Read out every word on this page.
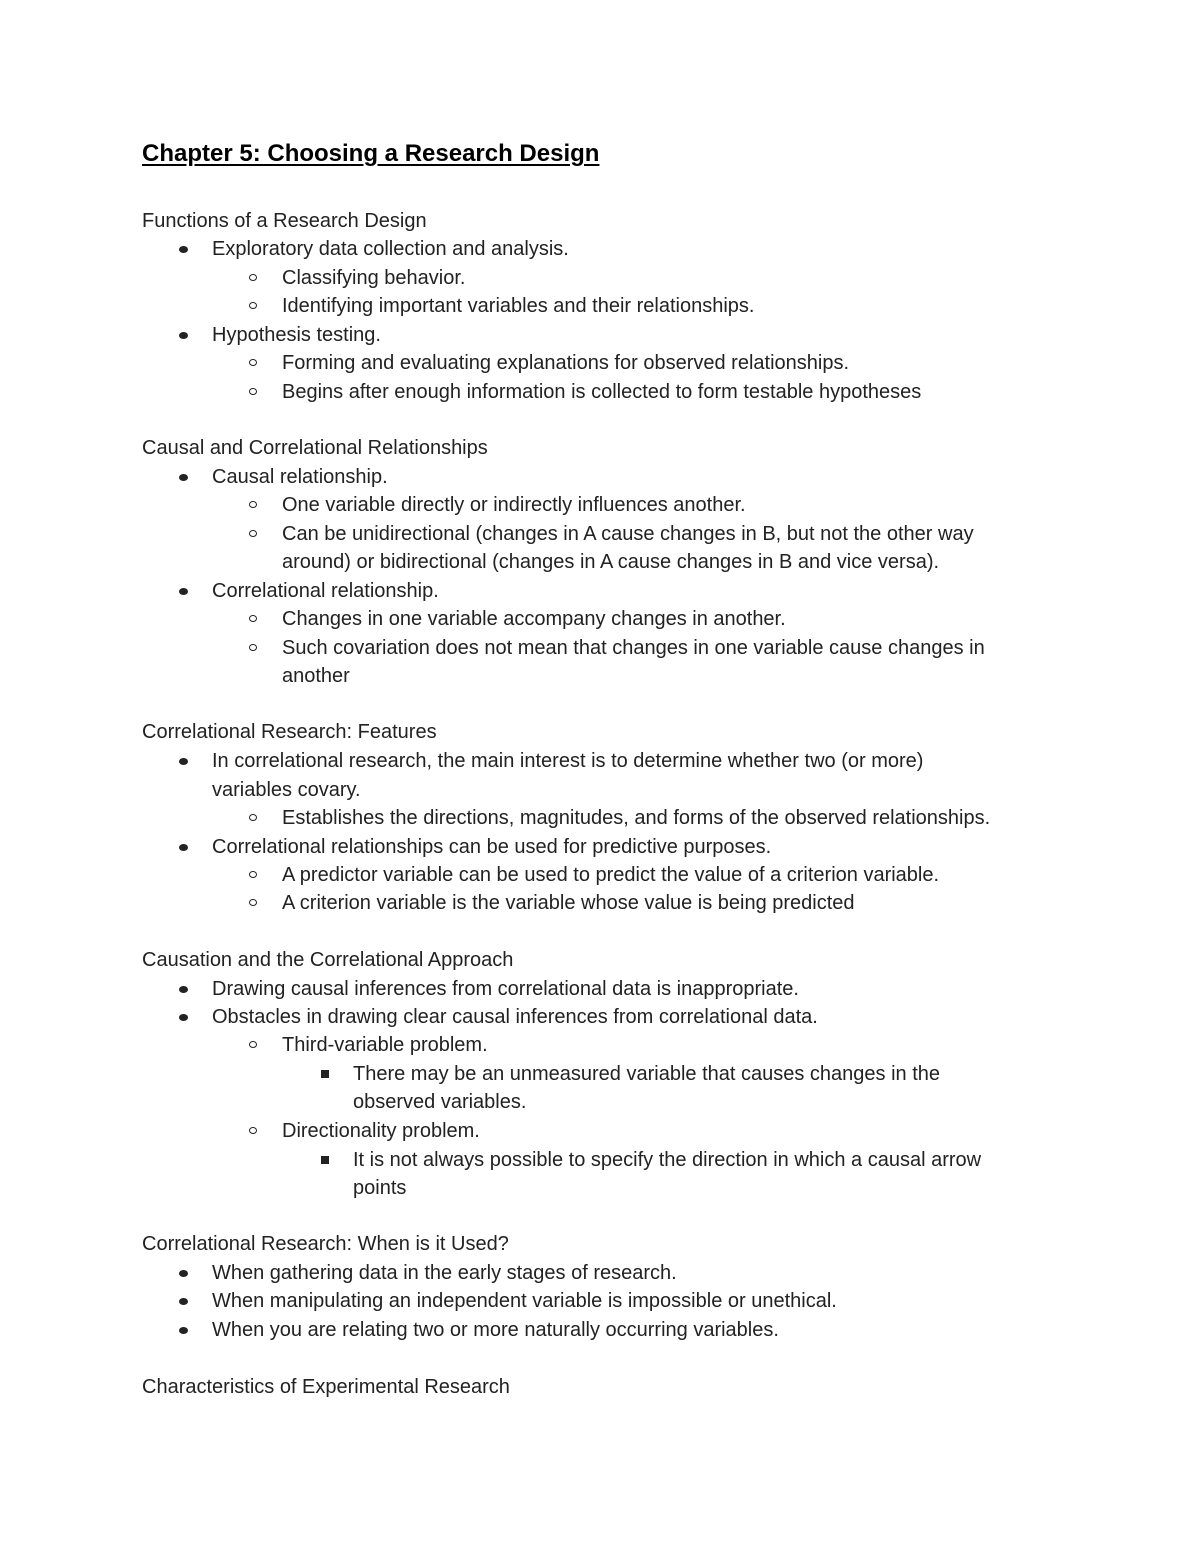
Chapter 5: Choosing a Research Design
Functions of a Research Design
Exploratory data collection and analysis.
Classifying behavior.
Identifying important variables and their relationships.
Hypothesis testing.
Forming and evaluating explanations for observed relationships.
Begins after enough information is collected to form testable hypotheses
Causal and Correlational Relationships
Causal relationship.
One variable directly or indirectly influences another.
Can be unidirectional (changes in A cause changes in B, but not the other way
around) or bidirectional (changes in A cause changes in B and vice versa).
Correlational relationship.
Changes in one variable accompany changes in another.
Such covariation does not mean that changes in one variable cause changes in
another
Correlational Research: Features
In correlational research, the main interest is to determine whether two (or more)
variables covary.
Establishes the directions, magnitudes, and forms of the observed relationships.
Correlational relationships can be used for predictive purposes.
A predictor variable can be used to predict the value of a criterion variable.
A criterion variable is the variable whose value is being predicted
Causation and the Correlational Approach
Drawing causal inferences from correlational data is inappropriate.
Obstacles in drawing clear causal inferences from correlational data.
Third-variable problem.
There may be an unmeasured variable that causes changes in the
observed variables.
Directionality problem.
It is not always possible to specify the direction in which a causal arrow
points
Correlational Research: When is it Used?
When gathering data in the early stages of research.
When manipulating an independent variable is impossible or unethical.
When you are relating two or more naturally occurring variables.
Characteristics of Experimental Research
